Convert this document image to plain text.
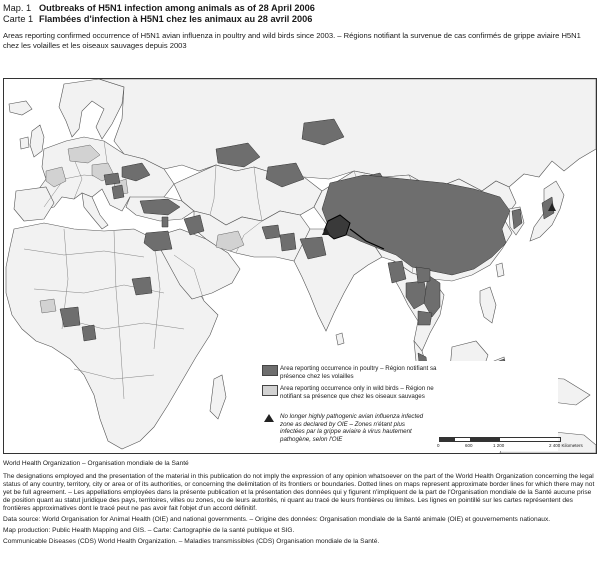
Map. 1 Outbreaks of H5N1 infection among animals as of 28 April 2006
Carte 1 Flambées d'infection à H5N1 chez les animaux au 28 avril 2006
Areas reporting confirmed occurrence of H5N1 avian influenza in poultry and wild birds since 2003. – Régions notifiant la survenue de cas confirmés de grippe aviaire H5N1 chez les volailles et les oiseaux sauvages depuis 2003
Area reporting occurrence in poultry – Région notifiant sa présence chez les volailles
Area reporting occurrence only in wild birds – Région ne notifiant sa présence que chez les oiseaux sauvages
No longer highly pathogenic avian influenza infected zone as declared by OIE – Zones n'étant plus infectées par la grippe aviaire à virus hautement pathogène, selon l'OIE
0	600	1 200	2 400 Kilometers

World Health Organization – Organisation mondiale de la Santé

The designations employed and the presentation of the material in this publication do not imply the expression of any opinion whatsoever on the part of the World Health Organization concerning the legal status of any country, territory, city or area or of its authorities, or concerning the delimitation of its frontiers or boundaries. Dotted lines on maps represent approximate border lines for which there may not yet be full agreement. – Les appellations employées dans la présente publication et la présentation des données qui y figurent n'impliquent de la part de l'Organisation mondiale de la Santé aucune prise de position quant au statut juridique des pays, territoires, villes ou zones, ou de leurs autorités, ni quant au tracé de leurs frontières ou limites. Les lignes en pointillé sur les cartes représentent des frontières approximatives dont le tracé peut ne pas avoir fait l'objet d'un accord définitif.

Data source: World Organisation for Animal Health (OIE) and national governments. – Origine des données: Organisation mondiale de la Santé animale (OIE) et gouvernements nationaux.

Map production: Public Health Mapping and GIS. – Carte: Cartographie de la santé publique et SIG.

Communicable Diseases (CDS) World Health Organization. – Maladies transmissibles (CDS) Organisation mondiale de la Santé.
